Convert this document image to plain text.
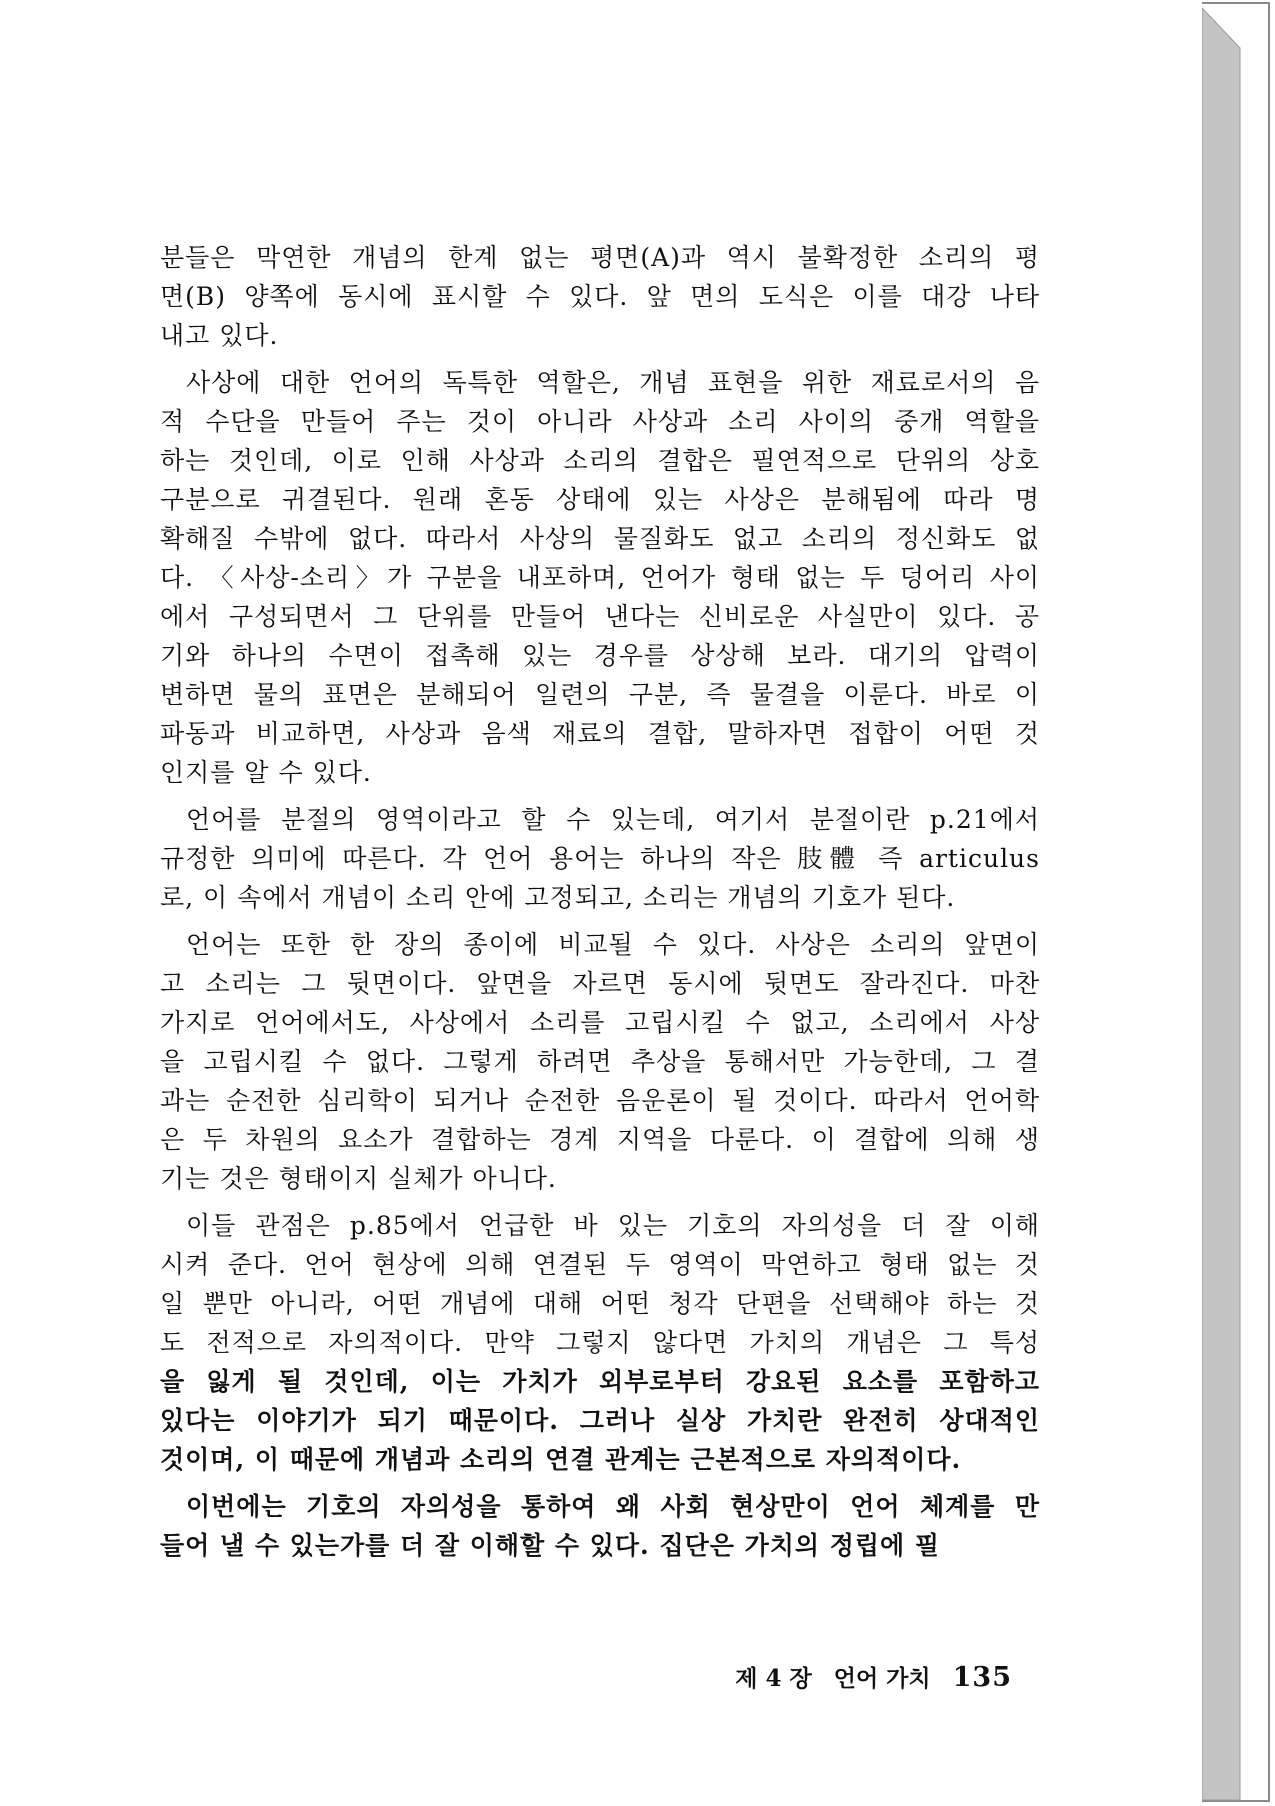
분들은 막연한 개념의 한계 없는 평면(A)과 역시 불확정한 소리의 평
면(B) 양쪽에 동시에 표시할 수 있다. 앞 면의 도식은 이를 대강 나타
내고 있다.
사상에 대한 언어의 독특한 역할은, 개념 표현을 위한 재료로서의 음
적 수단을 만들어 주는 것이 아니라 사상과 소리 사이의 중개 역할을
하는 것인데, 이로 인해 사상과 소리의 결합은 필연적으로 단위의 상호
구분으로 귀결된다. 원래 혼동 상태에 있는 사상은 분해됨에 따라 명
확해질 수밖에 없다. 따라서 사상의 물질화도 없고 소리의 정신화도 없
다. 〈사상-소리〉가 구분을 내포하며, 언어가 형태 없는 두 덩어리 사이
에서 구성되면서 그 단위를 만들어 낸다는 신비로운 사실만이 있다. 공
기와 하나의 수면이 접촉해 있는 경우를 상상해 보라. 대기의 압력이
변하면 물의 표면은 분해되어 일련의 구분, 즉 물결을 이룬다. 바로 이
파동과 비교하면, 사상과 음색 재료의 결합, 말하자면 접합이 어떤 것
인지를 알 수 있다.
언어를 분절의 영역이라고 할 수 있는데, 여기서 분절이란 p.21에서
규정한 의미에 따른다. 각 언어 용어는 하나의 작은 肢體 즉 articulus
로, 이 속에서 개념이 소리 안에 고정되고, 소리는 개념의 기호가 된다.
언어는 또한 한 장의 종이에 비교될 수 있다. 사상은 소리의 앞면이
고 소리는 그 뒷면이다. 앞면을 자르면 동시에 뒷면도 잘라진다. 마찬
가지로 언어에서도, 사상에서 소리를 고립시킬 수 없고, 소리에서 사상
을 고립시킬 수 없다. 그렇게 하려면 추상을 통해서만 가능한데, 그 결
과는 순전한 심리학이 되거나 순전한 음운론이 될 것이다. 따라서 언어학
은 두 차원의 요소가 결합하는 경계 지역을 다룬다. 이 결합에 의해 생
기는 것은 형태이지 실체가 아니다.
이들 관점은 p.85에서 언급한 바 있는 기호의 자의성을 더 잘 이해
시켜 준다. 언어 현상에 의해 연결된 두 영역이 막연하고 형태 없는 것
일 뿐만 아니라, 어떤 개념에 대해 어떤 청각 단편을 선택해야 하는 것
도 전적으로 자의적이다. 만약 그렇지 않다면 가치의 개념은 그 특성
을 잃게 될 것인데, 이는 가치가 외부로부터 강요된 요소를 포함하고
있다는 이야기가 되기 때문이다. 그러나 실상 가치란 완전히 상대적인
것이며, 이 때문에 개념과 소리의 연결 관계는 근본적으로 자의적이다.
이번에는 기호의 자의성을 통하여 왜 사회 현상만이 언어 체계를 만
들어 낼 수 있는가를 더 잘 이해할 수 있다. 집단은 가치의 정립에 필
제 4 장 언어 가치 135
